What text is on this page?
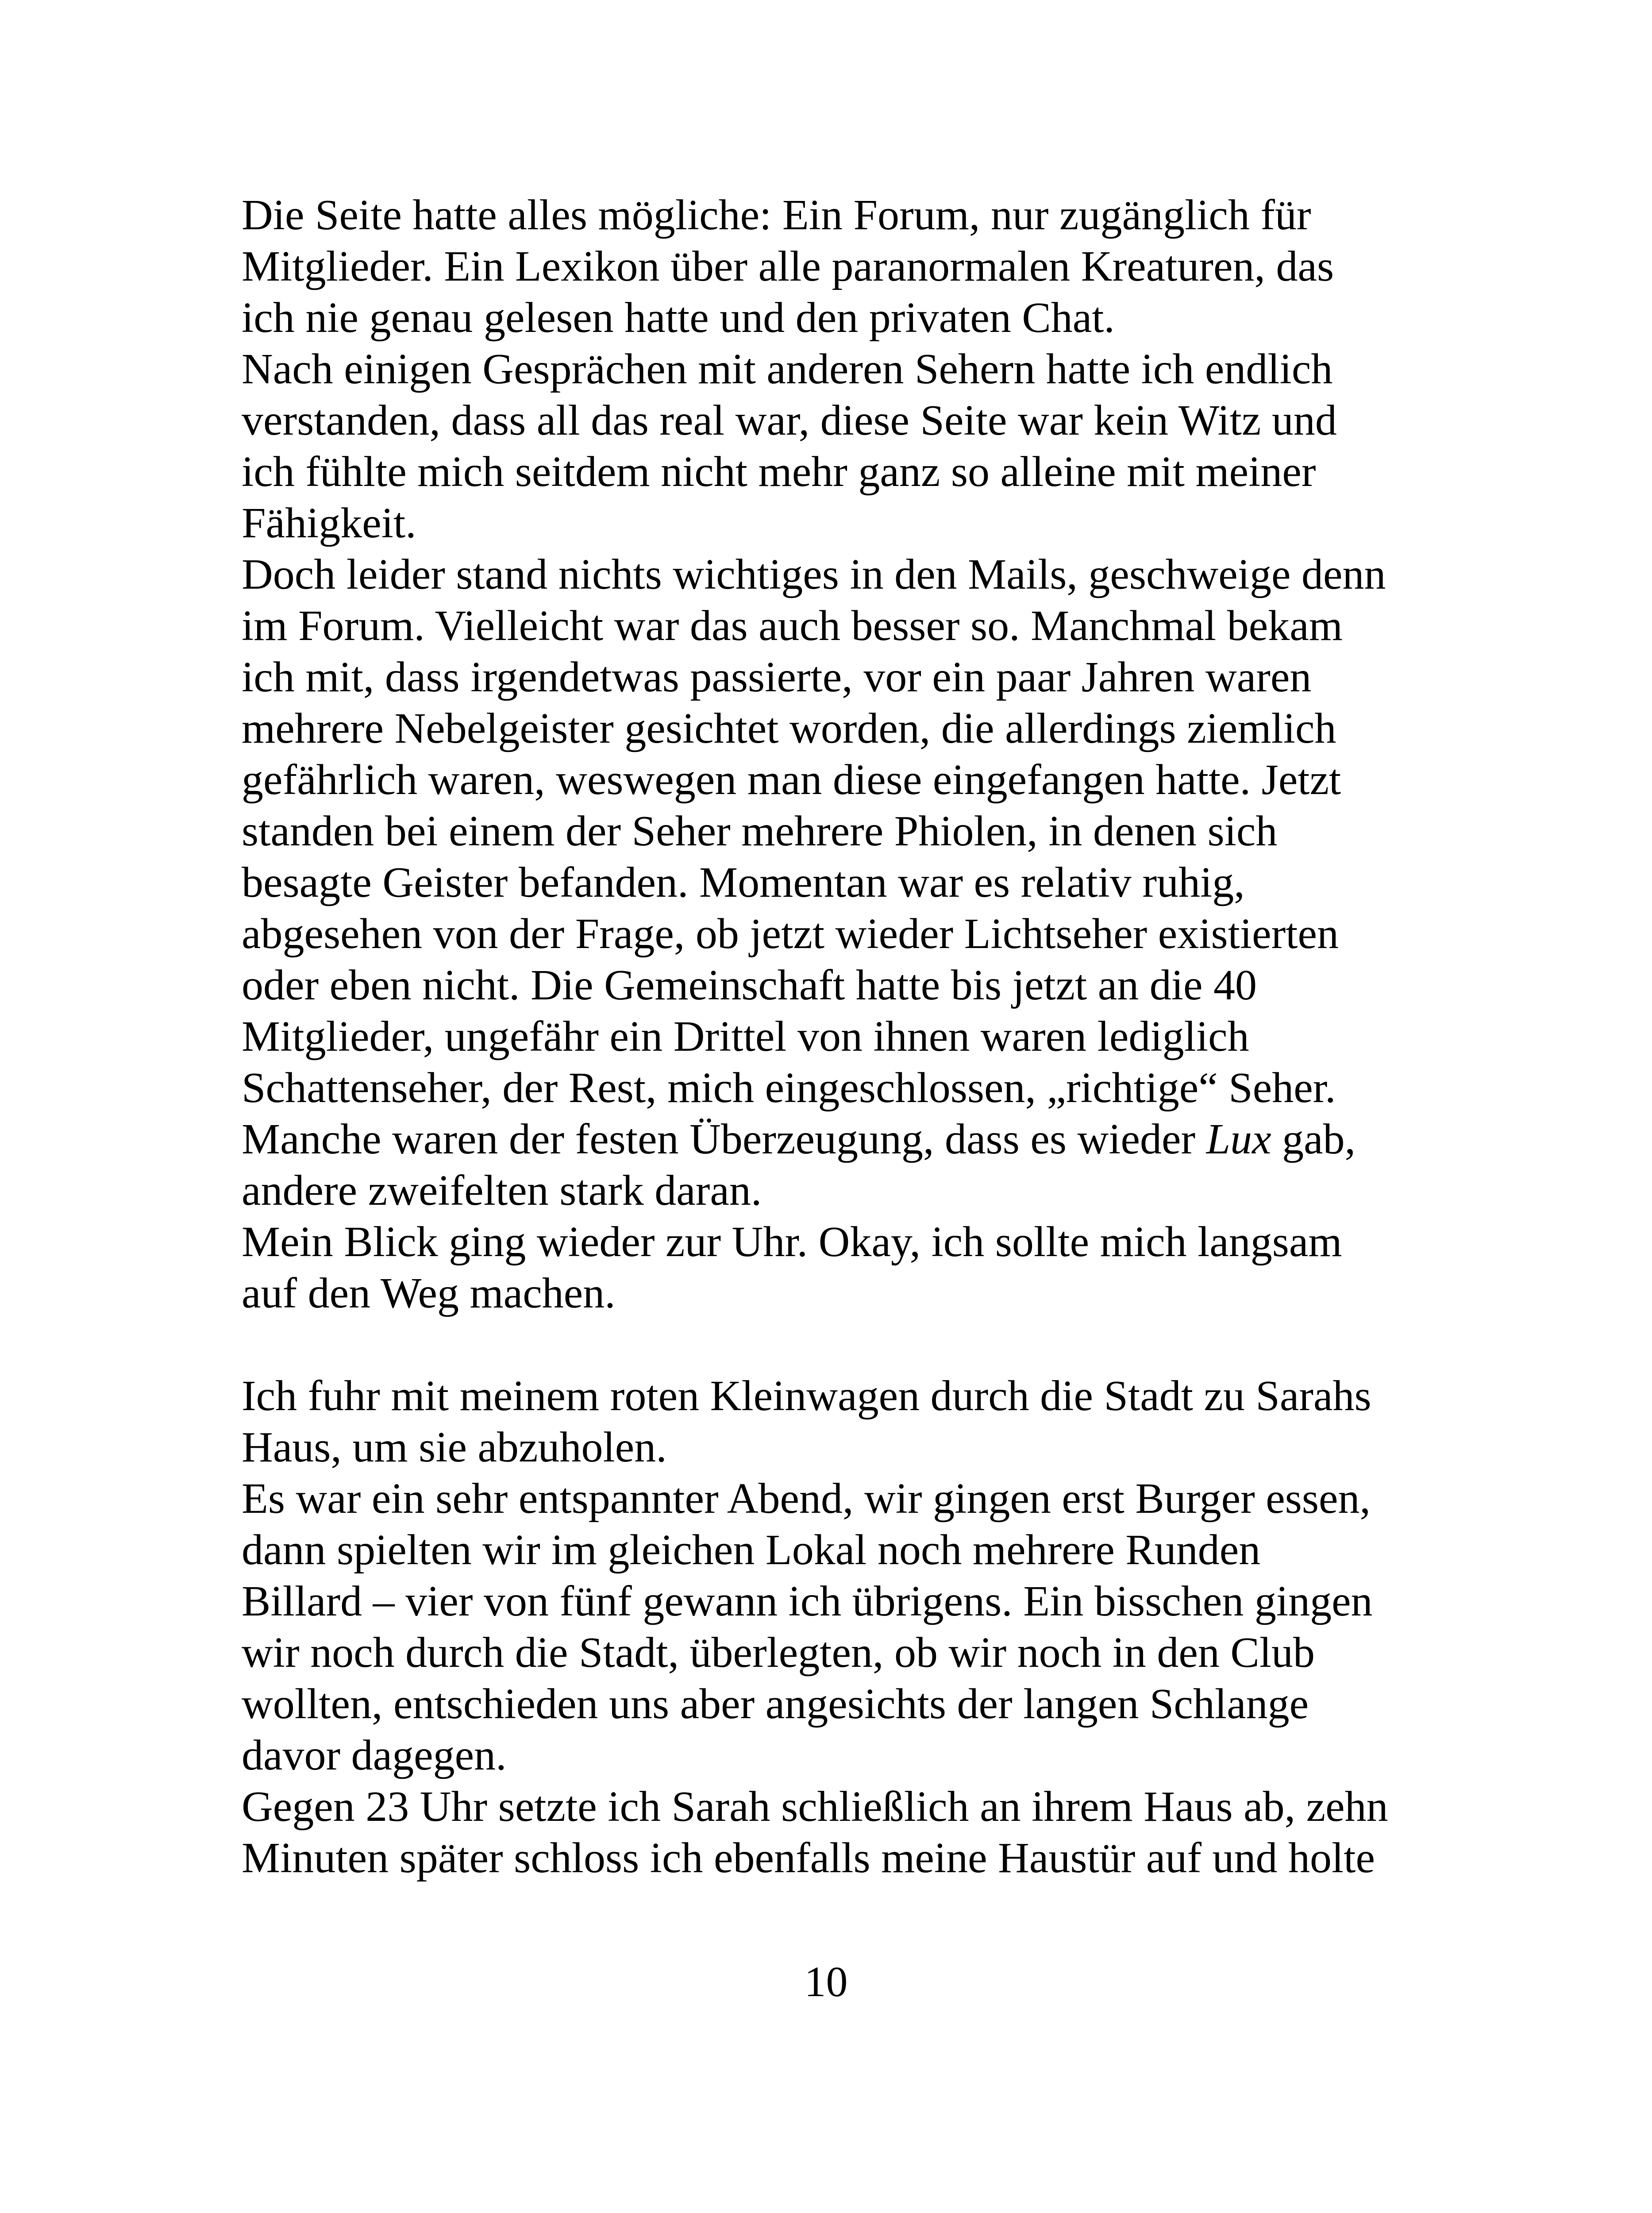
Die Seite hatte alles mögliche: Ein Forum, nur zugänglich für
Mitglieder. Ein Lexikon über alle paranormalen Kreaturen, das
ich nie genau gelesen hatte und den privaten Chat.
Nach einigen Gesprächen mit anderen Sehern hatte ich endlich
verstanden, dass all das real war, diese Seite war kein Witz und
ich fühlte mich seitdem nicht mehr ganz so alleine mit meiner
Fähigkeit.
Doch leider stand nichts wichtiges in den Mails, geschweige denn
im Forum. Vielleicht war das auch besser so. Manchmal bekam
ich mit, dass irgendetwas passierte, vor ein paar Jahren waren
mehrere Nebelgeister gesichtet worden, die allerdings ziemlich
gefährlich waren, weswegen man diese eingefangen hatte. Jetzt
standen bei einem der Seher mehrere Phiolen, in denen sich
besagte Geister befanden. Momentan war es relativ ruhig,
abgesehen von der Frage, ob jetzt wieder Lichtseher existierten
oder eben nicht. Die Gemeinschaft hatte bis jetzt an die 40
Mitglieder, ungefähr ein Drittel von ihnen waren lediglich
Schattenseher, der Rest, mich eingeschlossen, „richtige“ Seher.
Manche waren der festen Überzeugung, dass es wieder Lux gab,
andere zweifelten stark daran.
Mein Blick ging wieder zur Uhr. Okay, ich sollte mich langsam
auf den Weg machen.
Ich fuhr mit meinem roten Kleinwagen durch die Stadt zu Sarahs
Haus, um sie abzuholen.
Es war ein sehr entspannter Abend, wir gingen erst Burger essen,
dann spielten wir im gleichen Lokal noch mehrere Runden
Billard – vier von fünf gewann ich übrigens. Ein bisschen gingen
wir noch durch die Stadt, überlegten, ob wir noch in den Club
wollten, entschieden uns aber angesichts der langen Schlange
davor dagegen.
Gegen 23 Uhr setzte ich Sarah schließlich an ihrem Haus ab, zehn
Minuten später schloss ich ebenfalls meine Haustür auf und holte
10
